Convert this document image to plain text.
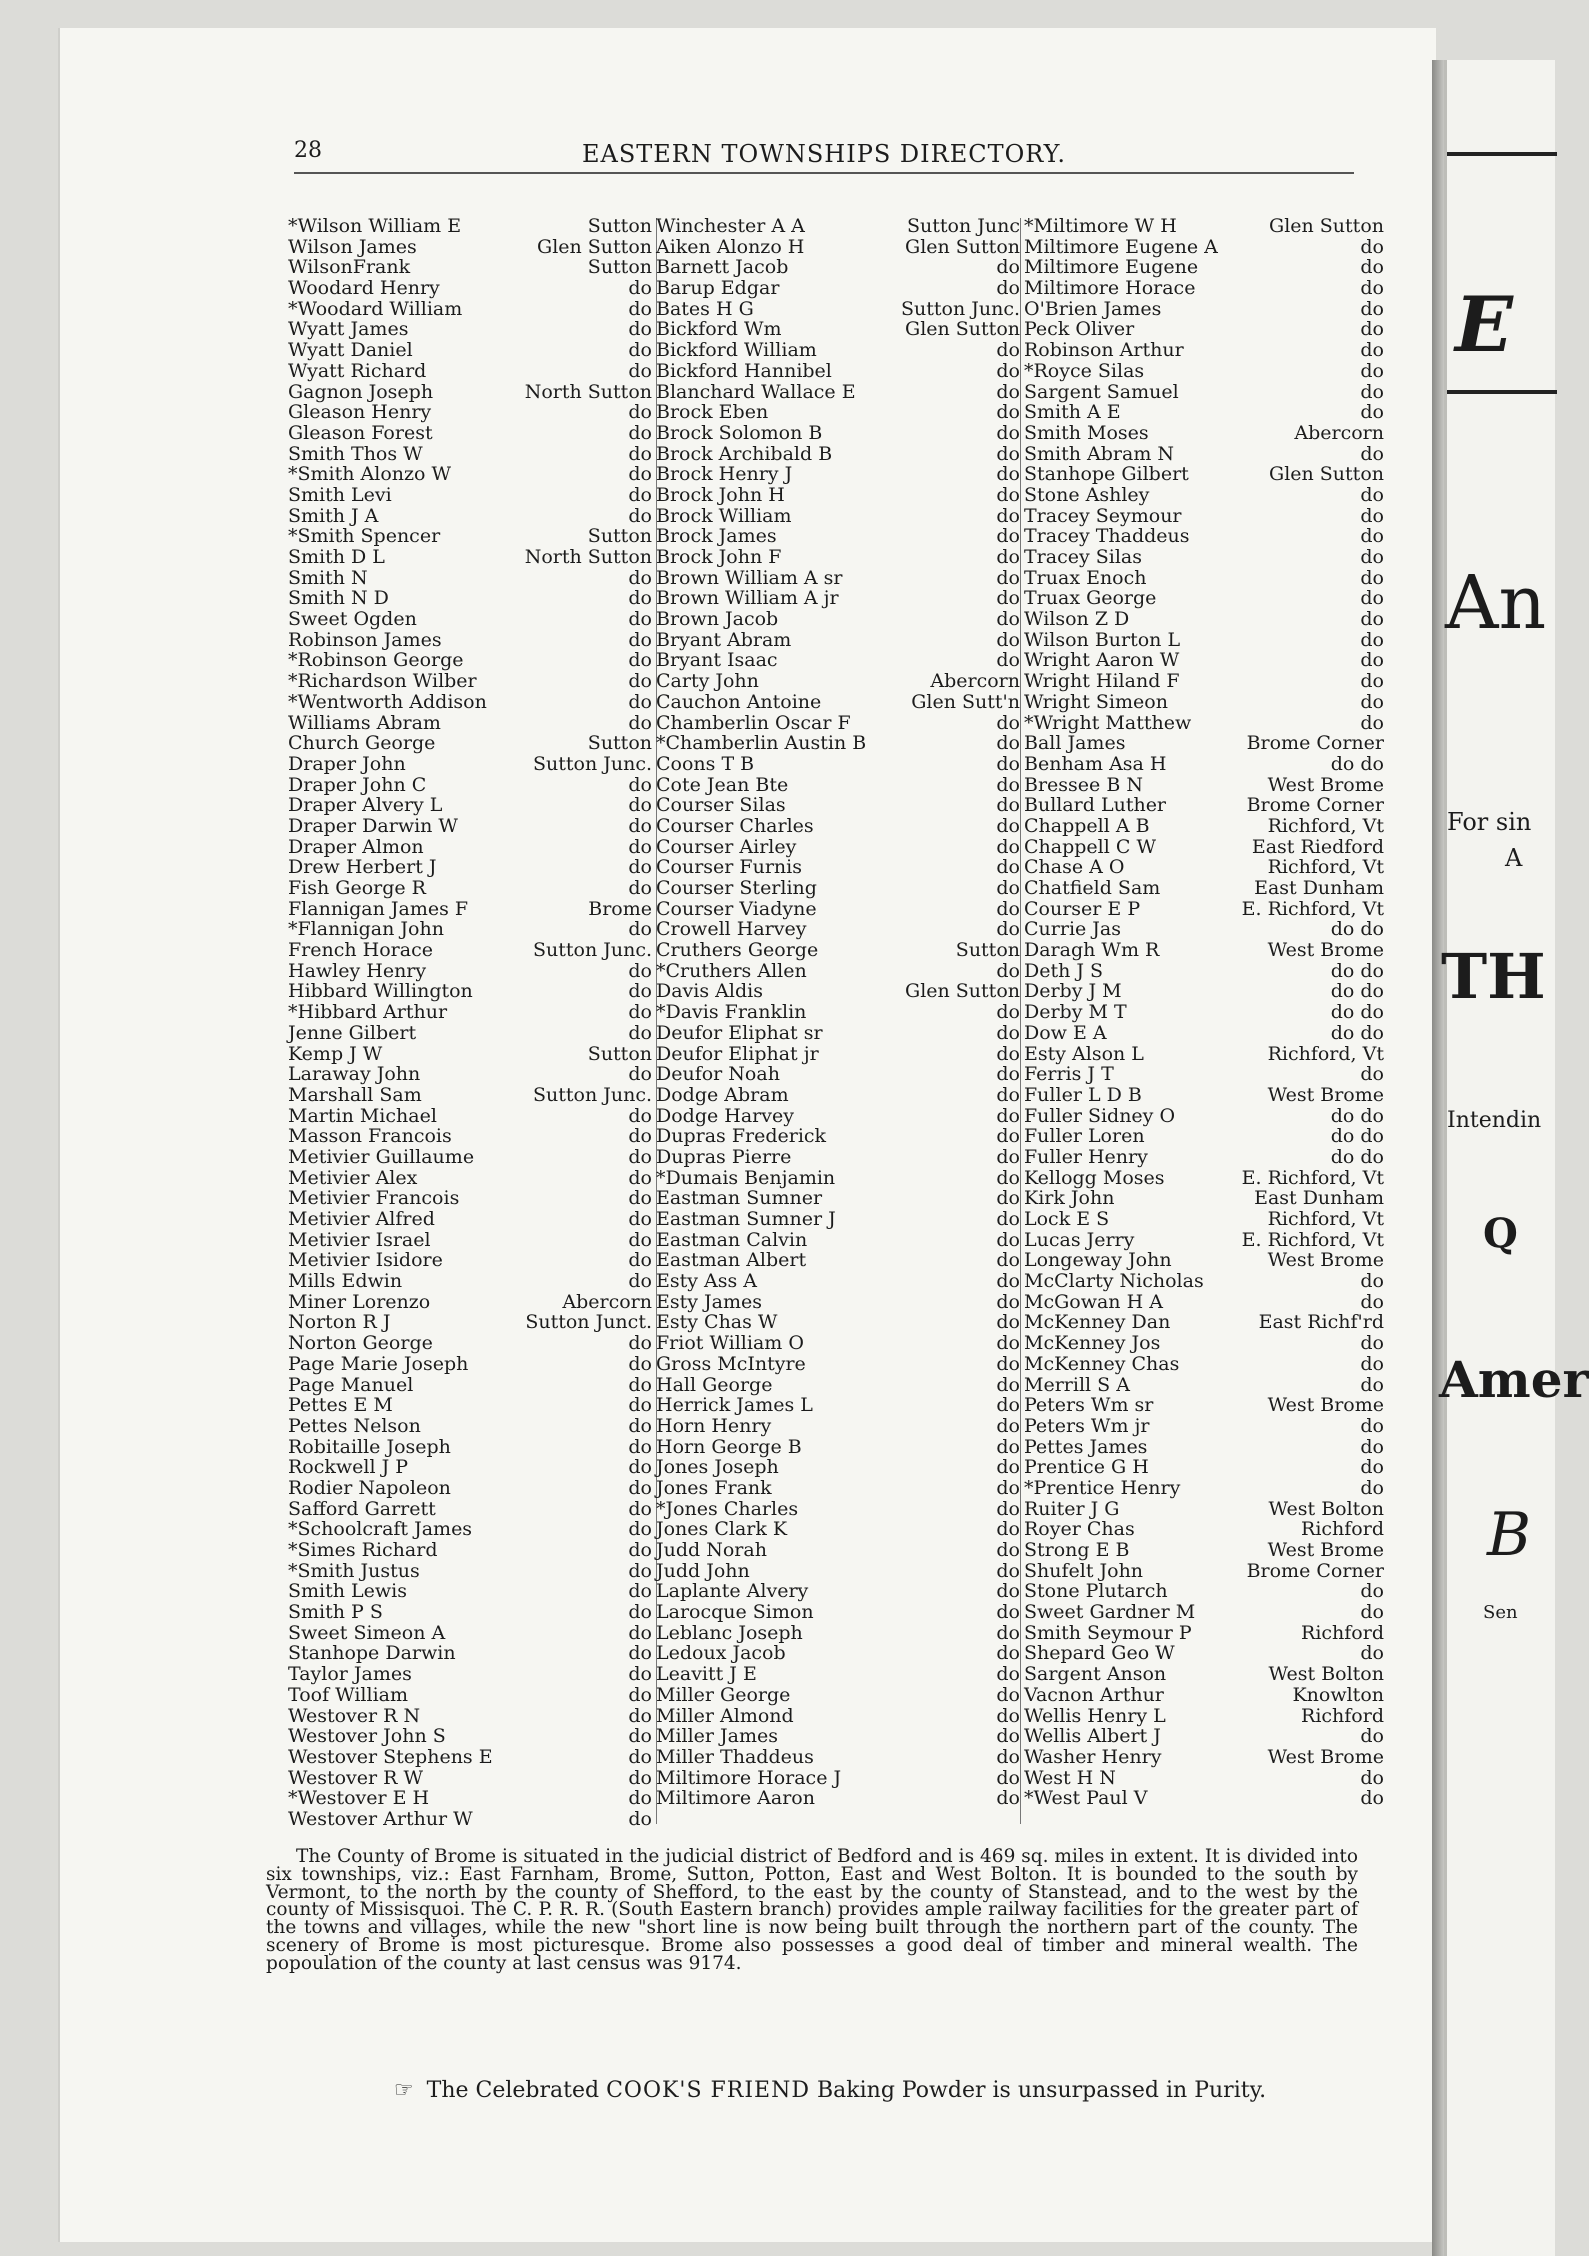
28	EASTERN TOWNSHIPS DIRECTORY.
*Wilson William E	Sutton
Wilson James	Glen Sutton
WilsonFrank	Sutton
Woodard Henry	do
*Woodard William	do
Wyatt James	do
Wyatt Daniel	do
Wyatt Richard	do
Gagnon Joseph	North Sutton
Gleason Henry	do
Gleason Forest	do
Smith Thos W	do
*Smith Alonzo W	do
Smith Levi	do
Smith J A	do
*Smith Spencer	Sutton
Smith D L	North Sutton
Smith N	do
Smith N D	do
Sweet Ogden	do
Robinson James	do
*Robinson George	do
*Richardson Wilber	do
*Wentworth Addison	do
Williams Abram	do
Church George	Sutton
Draper John	Sutton Junc.
Draper John C	do
Draper Alvery L	do
Draper Darwin W	do
Draper Almon	do
Drew Herbert J	do
Fish George R	do
Flannigan James F	Brome
*Flannigan John	do
French Horace	Sutton Junc.
Hawley Henry	do
Hibbard Willington	do
*Hibbard Arthur	do
Jenne Gilbert	do
Kemp J W	Sutton
Laraway John	do
Marshall Sam	Sutton Junc.
Martin Michael	do
Masson Francois	do
Metivier Guillaume	do
Metivier Alex	do
Metivier Francois	do
Metivier Alfred	do
Metivier Israel	do
Metivier Isidore	do
Mills Edwin	do
Miner Lorenzo	Abercorn
Norton R J	Sutton Junct.
Norton George	do
Page Marie Joseph	do
Page Manuel	do
Pettes E M	do
Pettes Nelson	do
Robitaille Joseph	do
Rockwell J P	do
Rodier Napoleon	do
Safford Garrett	do
*Schoolcraft James	do
*Simes Richard	do
*Smith Justus	do
Smith Lewis	do
Smith P S	do
Sweet Simeon A	do
Stanhope Darwin	do
Taylor James	do
Toof William	do
Westover R N	do
Westover John S	do
Westover Stephens E	do
Westover R W	do
*Westover E H	do
Westover Arthur W	do
Winchester A A	Sutton Junc
Aiken Alonzo H	Glen Sutton
Barnett Jacob	do
Barup Edgar	do
Bates H G	Sutton Junc.
Bickford Wm	Glen Sutton
Bickford William	do
Bickford Hannibel	do
Blanchard Wallace E	do
Brock Eben	do
Brock Solomon B	do
Brock Archibald B	do
Brock Henry J	do
Brock John H	do
Brock William	do
Brock James	do
Brock John F	do
Brown William A sr	do
Brown William A jr	do
Brown Jacob	do
Bryant Abram	do
Bryant Isaac	do
Carty John	Abercorn
Cauchon Antoine	Glen Sutt'n
Chamberlin Oscar F	do
*Chamberlin Austin B	do
Coons T B	do
Cote Jean Bte	do
Courser Silas	do
Courser Charles	do
Courser Airley	do
Courser Furnis	do
Courser Sterling	do
Courser Viadyne	do
Crowell Harvey	do
Cruthers George	Sutton
*Cruthers Allen	do
Davis Aldis	Glen Sutton
*Davis Franklin	do
Deufor Eliphat sr	do
Deufor Eliphat jr	do
Deufor Noah	do
Dodge Abram	do
Dodge Harvey	do
Dupras Frederick	do
Dupras Pierre	do
*Dumais Benjamin	do
Eastman Sumner	do
Eastman Sumner J	do
Eastman Calvin	do
Eastman Albert	do
Esty Ass A	do
Esty James	do
Esty Chas W	do
Friot William O	do
Gross McIntyre	do
Hall George	do
Herrick James L	do
Horn Henry	do
Horn George B	do
Jones Joseph	do
Jones Frank	do
*Jones Charles	do
Jones Clark K	do
Judd Norah	do
Judd John	do
Laplante Alvery	do
Larocque Simon	do
Leblanc Joseph	do
Ledoux Jacob	do
Leavitt J E	do
Miller George	do
Miller Almond	do
Miller James	do
Miller Thaddeus	do
Miltimore Horace J	do
Miltimore Aaron	do
*Miltimore W H	Glen Sutton
Miltimore Eugene A	do
Miltimore Eugene	do
Miltimore Horace	do
O'Brien James	do
Peck Oliver	do
Robinson Arthur	do
*Royce Silas	do
Sargent Samuel	do
Smith A E	do
Smith Moses	Abercorn
Smith Abram N	do
Stanhope Gilbert	Glen Sutton
Stone Ashley	do
Tracey Seymour	do
Tracey Thaddeus	do
Tracey Silas	do
Truax Enoch	do
Truax George	do
Wilson Z D	do
Wilson Burton L	do
Wright Aaron W	do
Wright Hiland F	do
Wright Simeon	do
*Wright Matthew	do
Ball James	Brome Corner
Benham Asa H	do do
Bressee B N	West Brome
Bullard Luther	Brome Corner
Chappell A B	Richford, Vt
Chappell C W	East Riedford
Chase A O	Richford, Vt
Chatfield Sam	East Dunham
Courser E P	E. Richford, Vt
Currie Jas	do do
Daragh Wm R	West Brome
Deth J S	do do
Derby J M	do do
Derby M T	do do
Dow E A	do do
Esty Alson L	Richford, Vt
Ferris J T	do
Fuller L D B	West Brome
Fuller Sidney O	do do
Fuller Loren	do do
Fuller Henry	do do
Kellogg Moses	E. Richford, Vt
Kirk John	East Dunham
Lock E S	Richford, Vt
Lucas Jerry	E. Richford, Vt
Longeway John	West Brome
McClarty Nicholas	do
McGowan H A	do
McKenney Dan	East Richf'rd
McKenney Jos	do
McKenney Chas	do
Merrill S A	do
Peters Wm sr	West Brome
Peters Wm jr	do
Pettes James	do
Prentice G H	do
*Prentice Henry	do
Ruiter J G	West Bolton
Royer Chas	Richford
Strong E B	West Brome
Shufelt John	Brome Corner
Stone Plutarch	do
Sweet Gardner M	do
Smith Seymour P	Richford
Shepard Geo W	do
Sargent Anson	West Bolton
Vacnon Arthur	Knowlton
Wellis Henry L	Richford
Wellis Albert J	do
Washer Henry	West Brome
West H N	do
*West Paul V	do

The County of Brome is situated in the judicial district of Bedford and is 469 sq. miles in extent. It is divided into six townships, viz.: East Farnham, Brome, Sutton, Potton, East and West Bolton. It is bounded to the south by Vermont, to the north by the county of Shefford, to the east by the county of Stanstead, and to the west by the county of Missisquoi. The C. P. R. R. (South Eastern branch) provides ample railway facilities for the greater part of the towns and villages, while the new "short line is now being built through the northern part of the county. The scenery of Brome is most picturesque. Brome also possesses a good deal of timber and mineral wealth. The popoulation of the county at last census was 9174.

☞ The Celebrated COOK'S FRIEND Baking Powder is unsurpassed in Purity.
E
An
For sin
A
TH
Intendin
Q
Amer
B
Sen
